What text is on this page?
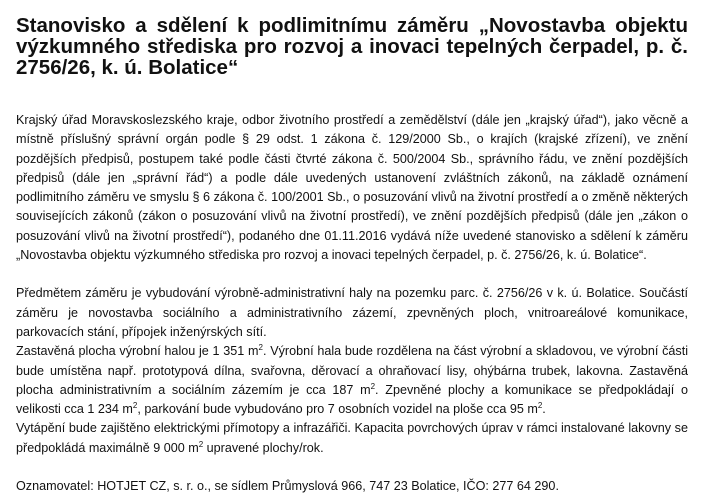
Stanovisko a sdělení k podlimitnímu záměru „Novostavba objektu výzkumného střediska pro rozvoj a inovaci tepelných čerpadel, p. č. 2756/26, k. ú. Bolatice“

Krajský úřad Moravskoslezského kraje, odbor životního prostředí a zemědělství (dále jen „krajský úřad“), jako věcně a místně příslušný správní orgán podle § 29 odst. 1 zákona č. 129/2000 Sb., o krajích (krajské zřízení), ve znění pozdějších předpisů, postupem také podle části čtvrté zákona č. 500/2004 Sb., správního řádu, ve znění pozdějších předpisů (dále jen „správní řád“) a podle dále uvedených ustanovení zvláštních zákonů, na základě oznámení podlimitního záměru ve smyslu § 6 zákona č. 100/2001 Sb., o posuzování vlivů na životní prostředí a o změně některých souvisejících zákonů (zákon o posuzování vlivů na životní prostředí), ve znění pozdějších předpisů (dále jen „zákon o posuzování vlivů na životní prostředí“), podaného dne 01.11.2016 vydává níže uvedené stanovisko a sdělení k záměru „Novostavba objektu výzkumného střediska pro rozvoj a inovaci tepelných čerpadel, p. č. 2756/26, k. ú. Bolatice“.

Předmětem záměru je vybudování výrobně-administrativní haly na pozemku parc. č. 2756/26 v k. ú. Bolatice. Součástí záměru je novostavba sociálního a administrativního zázemí, zpevněných ploch, vnitroareálové komunikace, parkovacích stání, přípojek inženýrských sítí.

Zastavěná plocha výrobní halou je 1 351 $m^2$. Výrobní hala bude rozdělena na část výrobní a skladovou, ve výrobní části bude umístěna např. prototypová dílna, svařovna, děrovací a ohraňovací lisy, ohýbárna trubek, lakovna. Zastavěná plocha administrativním a sociálním zázemím je cca 187 $m^2$. Zpevněné plochy a komunikace se předpokládají o velikosti cca 1 234 $m^2$, parkování bude vybudováno pro 7 osobních vozidel na ploše cca 95 $m^2$.

Vytápění bude zajištěno elektrickými přímotopy a infrazářiči. Kapacita povrchových úprav v rámci instalované lakovny se předpokládá maximálně 9 000 $m^2$ upravené plochy/rok.

Oznamovatel: HOTJET CZ, s. r. o., se sídlem Průmyslová 966, 747 23 Bolatice, IČO: 277 64 290.
